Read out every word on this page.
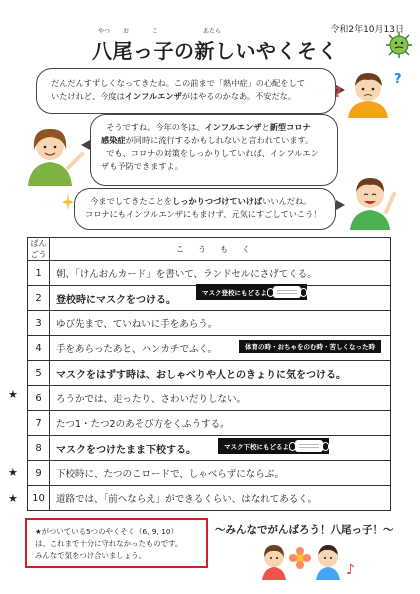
令和2年10月13日
やつ お	こ	あたら
八尾っ子の新しいやくそく

だんだんすずしくなってきたね。この前まで「熱中症」の心配をして

いたけれど、今度はインフルエンザがはやるのかなあ。不安だな。	?
?

そうですね。今年の冬は、インフルエンザと新型コロナ

感染症が同時に流行するかもしれないと言われています。

でも、コロナの対策をしっかりしていれば、インフルエン

ザも予防できますよ。

今までしてきたことをしっかりつづけていけばいいんだね。

コロナにもインフルエンザにもまけず、元気にすごしていこう！

ばんごう	こうもく
1	朝、「けんおんカード」を書いて、ランドセルにさげてくる。
2	登校時にマスクをつける。
3	ゆび先まで、ていねいに手をあらう。
4	手をあらったあと、ハンカチでふく。
5	マスクをはずす時は、おしゃべりや人とのきょりに気をつける。
6	ろうかでは、走ったり、さわいだりしない。
7	たつ1・たつ2のあそび方をくふうする。
8	マスクをつけたまま下校する。
9	下校時に、たつのこロードで、しゃべらずにならぶ。
10	道路では、「前へならえ」ができるくらい、はなれてあるく。
★
★
★
マスク登校にもどるよ
体育の時・おちゃをのむ時・苦しくなった時
マスク下校にもどるよ

★がついている5つのやくそく（6, 9, 10）

は、これまで十分に守れなかったものです。

みんなで気をつけ合いましょう。

～みんなでがんばろう！八尾っ子！～
♪
